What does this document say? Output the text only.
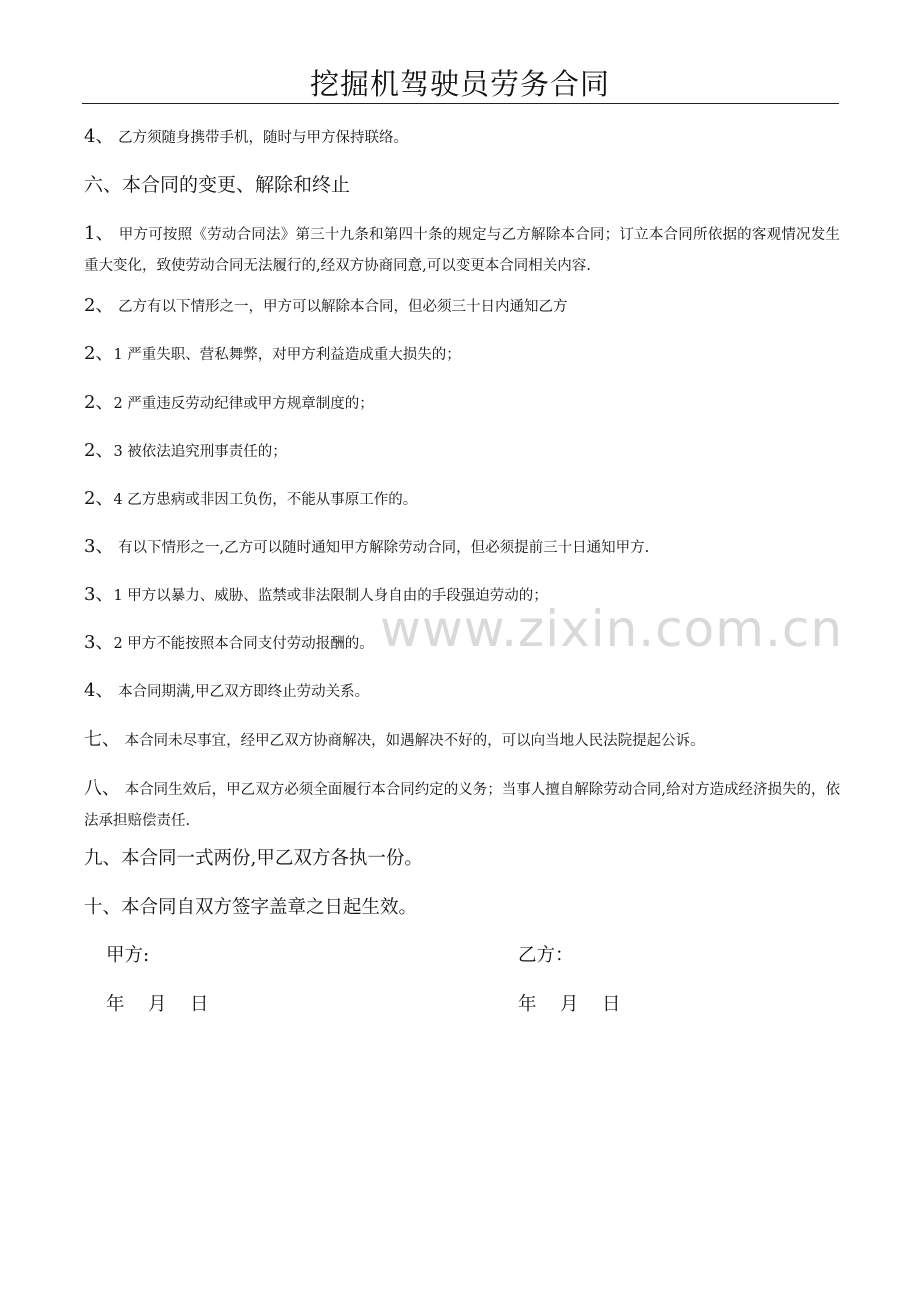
挖掘机驾驶员劳务合同

4、 乙方须随身携带手机，随时与甲方保持联络。

六、本合同的变更、解除和终止

1、 甲方可按照《劳动合同法》第三十九条和第四十条的规定与乙方解除本合同；订立本合同所依据的客观情况发生重大变化，致使劳动合同无法履行的,经双方协商同意,可以变更本合同相关内容.

2、 乙方有以下情形之一，甲方可以解除本合同，但必须三十日内通知乙方

2、1 严重失职、营私舞弊，对甲方利益造成重大损失的；

2、2 严重违反劳动纪律或甲方规章制度的；

2、3 被依法追究刑事责任的；

2、4 乙方患病或非因工负伤，不能从事原工作的。

3、 有以下情形之一,乙方可以随时通知甲方解除劳动合同，但必须提前三十日通知甲方.

3、1 甲方以暴力、威胁、监禁或非法限制人身自由的手段强迫劳动的；

3、2 甲方不能按照本合同支付劳动报酬的。

4、 本合同期满,甲乙双方即终止劳动关系。

七、 本合同未尽事宜，经甲乙双方协商解决，如遇解决不好的，可以向当地人民法院提起公诉。

八、 本合同生效后，甲乙双方必须全面履行本合同约定的义务；当事人擅自解除劳动合同,给对方造成经济损失的，依法承担赔偿责任.

九、本合同一式两份,甲乙双方各执一份。

十、本合同自双方签字盖章之日起生效。

甲方:	乙方：

年    月    日	年    月    日

www.zixin.com.cn
